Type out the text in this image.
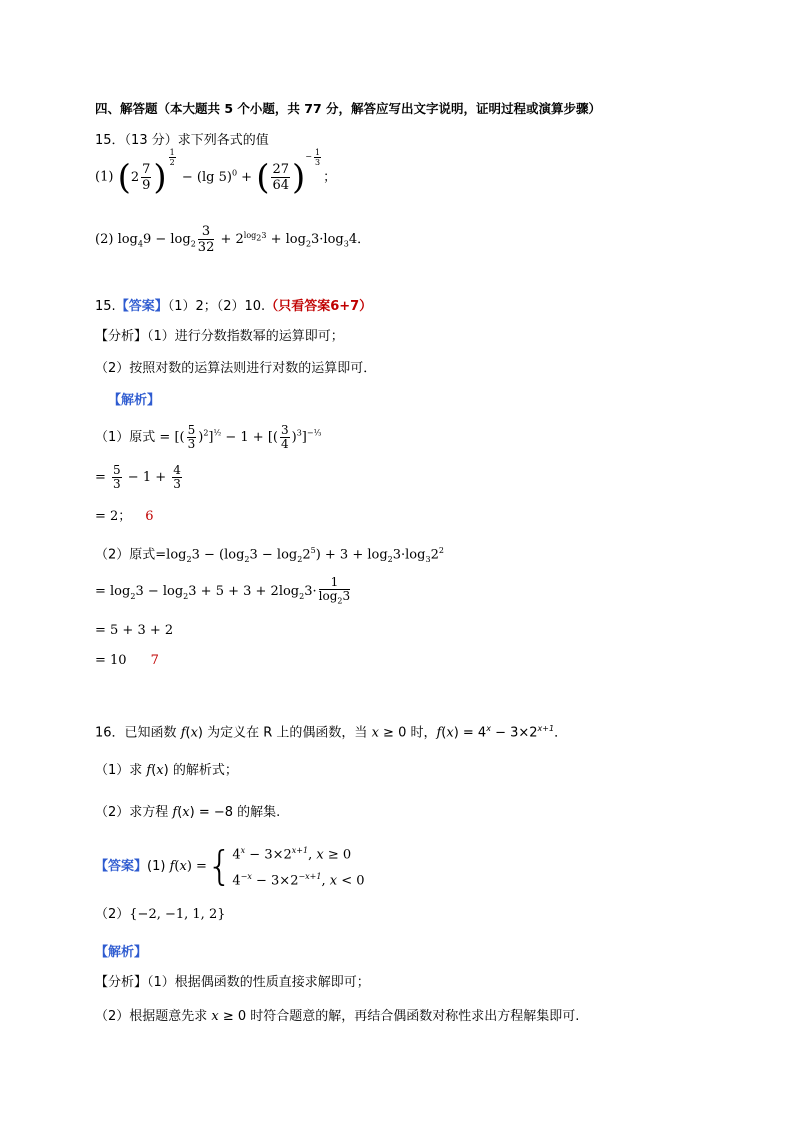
四、解答题（本大题共 5 个小题，共 77 分，解答应写出文字说明，证明过程或演算步骤）
15．（13 分）求下列各式的值
(1) ($2 \frac{7}{9}$ ) $^{\frac{1}{2}}$
− (lg 5)$^0$ + ( $\frac{27}{64} )^{- \frac{1}{3}}$
；
(2) $\log_49 - \log_2 \frac{3}{32} + 2^{log_23} + \log_23\cdot\log_34$．
15.【答案】（1）2；（2）10.（只看答案6+7）
【分析】（1）进行分数指数幂的运算即可；
（2）按照对数的运算法则进行对数的运算即可．
【解析】
（1）原式 = [( $\frac{5}{3} )^2]^{\frac{1}{2}} - 1$ + [( $\frac{3}{4} )^3]^{-\frac{1}{3}}$
= $\frac{5}{3} - 1 + \frac{4}{3}$
= 2； 6
（2）原式$=\log_23 - (\log_23 - \log_22^5) + 3 + \log_23\cdot\log_32^2$
= $\log_23 - \log_23 + 5 + 3 + 2\log_23\cdot \frac{1}{\log_23}$
= 5 + 3 + 2
= 10 7
16．已知函数 f(x) 为定义在 R 上的偶函数，当 x ≥ 0 时，$f(x) = 4^x - 3\times 2^{x+1}$．
（1）求 f(x) 的解析式；
（2）求方程 f(x) = −8 的解集.
【答案】(1) f(x) ={ $4^x - 3\times 2^{x+1}$, x ≥ 0
$4^{-x} - 3\times 2^{-x+1}$, x < 0
（2）{−2, −1, 1, 2}
【解析】
【分析】（1）根据偶函数的性质直接求解即可；
（2）根据题意先求 x ≥ 0 时符合题意的解，再结合偶函数对称性求出方程解集即可.
